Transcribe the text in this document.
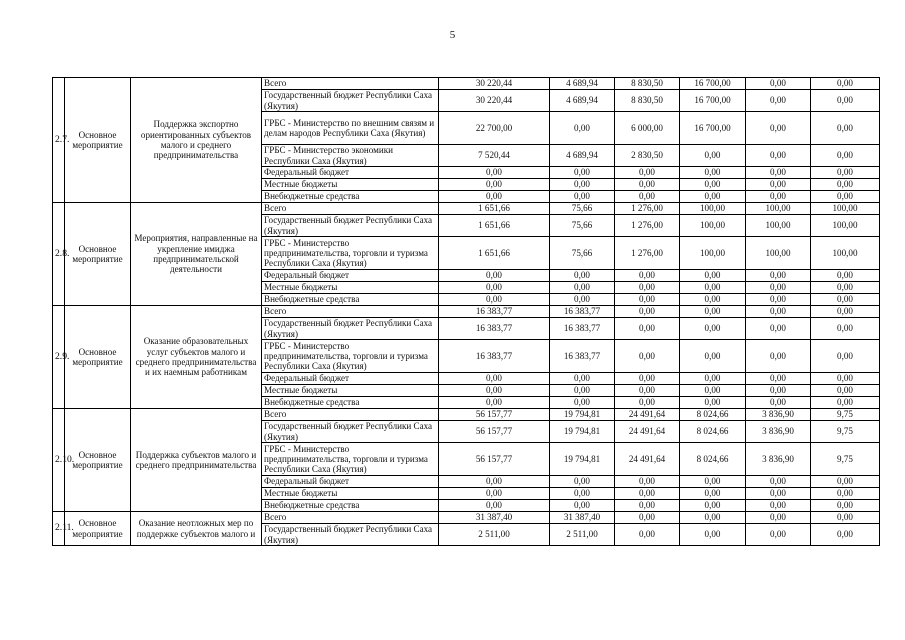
5
2.7.	Основное мероприятие	Поддержка экспортно ориентированных субъектов малого и среднего предпринимательства	Всего	30 220,44	4 689,94	8 830,50	16 700,00	0,00	0,00
			Государственный бюджет Республики Саха (Якутия)	30 220,44	4 689,94	8 830,50	16 700,00	0,00	0,00
			ГРБС - Министерство по внешним связям и делам народов Республики Саха (Якутия)	22 700,00	0,00	6 000,00	16 700,00	0,00	0,00
			ГРБС - Министерство экономики Республики Саха (Якутия)	7 520,44	4 689,94	2 830,50	0,00	0,00	0,00
			Федеральный бюджет	0,00	0,00	0,00	0,00	0,00	0,00
			Местные бюджеты	0,00	0,00	0,00	0,00	0,00	0,00
			Внебюджетные средства	0,00	0,00	0,00	0,00	0,00	0,00
2.8.	Основное мероприятие	Мероприятия, направленные на укрепление имиджа предпринимательской деятельности	Всего	1 651,66	75,66	1 276,00	100,00	100,00	100,00
			Государственный бюджет Республики Саха (Якутия)	1 651,66	75,66	1 276,00	100,00	100,00	100,00
			ГРБС - Министерство предпринимательства, торговли и туризма Республики Саха (Якутия)	1 651,66	75,66	1 276,00	100,00	100,00	100,00
			Федеральный бюджет	0,00	0,00	0,00	0,00	0,00	0,00
			Местные бюджеты	0,00	0,00	0,00	0,00	0,00	0,00
			Внебюджетные средства	0,00	0,00	0,00	0,00	0,00	0,00
2.9.	Основное мероприятие	Оказание образовательных услуг субъектов малого и среднего предпринимательства и их наемным работникам	Всего	16 383,77	16 383,77	0,00	0,00	0,00	0,00
			Государственный бюджет Республики Саха (Якутия)	16 383,77	16 383,77	0,00	0,00	0,00	0,00
			ГРБС - Министерство предпринимательства, торговли и туризма Республики Саха (Якутия)	16 383,77	16 383,77	0,00	0,00	0,00	0,00
			Федеральный бюджет	0,00	0,00	0,00	0,00	0,00	0,00
			Местные бюджеты	0,00	0,00	0,00	0,00	0,00	0,00
			Внебюджетные средства	0,00	0,00	0,00	0,00	0,00	0,00
2.10.	Основное мероприятие	Поддержка субъектов малого и среднего предпринимательства	Всего	56 157,77	19 794,81	24 491,64	8 024,66	3 836,90	9,75
			Государственный бюджет Республики Саха (Якутия)	56 157,77	19 794,81	24 491,64	8 024,66	3 836,90	9,75
			ГРБС - Министерство предпринимательства, торговли и туризма Республики Саха (Якутия)	56 157,77	19 794,81	24 491,64	8 024,66	3 836,90	9,75
			Федеральный бюджет	0,00	0,00	0,00	0,00	0,00	0,00
			Местные бюджеты	0,00	0,00	0,00	0,00	0,00	0,00
			Внебюджетные средства	0,00	0,00	0,00	0,00	0,00	0,00
2.11.	Основное мероприятие	Оказание неотложных мер по поддержке субъектов малого и	Всего	31 387,40	31 387,40	0,00	0,00	0,00	0,00
			Государственный бюджет Республики Саха (Якутия)	2 511,00	2 511,00	0,00	0,00	0,00	0,00
